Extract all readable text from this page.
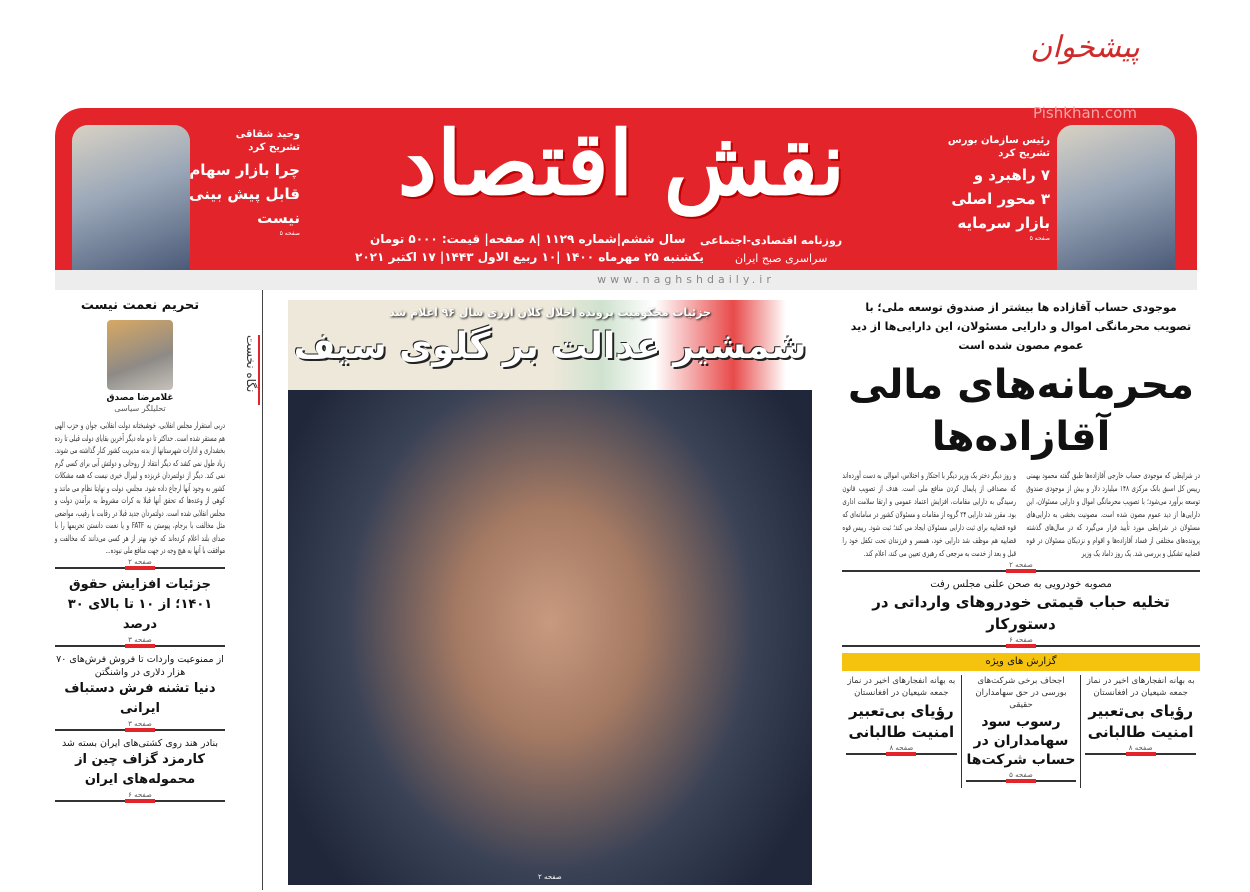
پیشخوان
Pishkhan.com
وحید شقاقی
تشریح کرد
چرا بازار سهام
قابل پیش بینی
نیست
صفحه ۵
رئیس سازمان بورس
تشریح کرد
۷ راهبرد و
۳ محور اصلی
بازار سرمایه
صفحه ۵
نقش اقتصاد
روزنامه اقتصادی-اجتماعی
سراسری صبح ایران
سال ششم|شماره ۱۱۲۹ |۸ صفحه| قیمت: ۵۰۰۰ تومان
یکشنبه ۲۵ مهرماه ۱۴۰۰ |۱۰ ربیع الاول ۱۴۴۳| ۱۷ اکتبر ۲۰۲۱
www.naghshdaily.ir
نگاه نخست
تحریم نعمت نیست
غلامرضا مصدق
تحلیلگر سیاسی
دربی استقرار مجلس انقلابی، خوشبختانه دولت انقلابی، جوان و حزب الهی هم مستقر شده است. حداکثر تا دو ماه دیگر آخرین بقایای دولت قبلی تا رده بخشداری و ادارات شهرستانها از بدنه مدیریت کشور کنار گذاشته می شوند. زیاد طول نمی کشد که دیگر انتقاد از روحانی و دولتش آبی برای کسی گرم نمی کند. دیگر از دولتمردان غربزده و لیبرال خبری نیست که همه مشکلات کشور به وجود آنها ارجاع داده شود. مجلس، دولت و نهایتا نظام می مانند و کوهی از وعده‌ها که تحقق آنها قبلا به کرات مشروط به برآمدن دولت و مجلس انقلابی شده است. دولتمردان جدید قبلا در رقابت با رقیب، مواضعی مثل مخالفت با برجام، پیوستن به FATF و یا نعمت دانستن تحریمها را با صدای بلند اعلام کرده‌اند که خود بهتر از هر کسی می‌دانند که مخالفت و موافقت با آنها به هیچ وجه در جهت منافع ملی نبوده...
صفحه ۲
جزئیات افزایش حقوق ۱۴۰۱؛ از ۱۰ تا بالای ۳۰ درصد
صفحه ۳
از ممنوعیت واردات تا فروش فرش‌های ۷۰ هزار دلاری در واشنگتن
دنیا تشنه فرش دستباف ایرانی
صفحه ۳
بنادر هند روی کشتی‌های ایران بسته شد
کارمزد گزاف چین از محموله‌های ایران
صفحه ۶
جزئیات محکومیت پرونده اخلال کلان ارزی سال ۹۶ اعلام شد
شمشیر عدالت بر گلوی سیف
صفحه ۲
موجودی حساب آقازاده ها بیشتر از صندوق توسعه ملی؛ با تصویب محرمانگی اموال و دارایی مسئولان، این دارایی‌ها از دید عموم مصون شده است
محرمانه‌های مالی
آقازاده‌ها
در شرایطی که موجودی حساب خارجی آقازاده‌ها طبق گفته محمود بهمنی رییس کل اسبق بانک مرکزی ۱۴۸ میلیارد دلار و بیش از موجودی صندوق توسعه برآورد می‌شود؛ با تصویب محرمانگی اموال و دارایی مسئولان، این دارایی‌ها از دید عموم مصون شده است. مصونیت بخشی به دارایی‌های مسئولان در شرایطی مورد تأیید قرار می‌گیرد که در سال‌های گذشته پرونده‌های مختلفی از فساد آقازاده‌ها و اقوام و نزدیکان مسئولان در قوه قضاییه تشکیل و بررسی شد. یک روز داماد یک وزیر
و روز دیگر دختر یک وزیر دیگر با احتکار و اختلاس، اموالی به دست آورده‌اند که مصداقی از پایمال کردن منافع ملی است. هدف از تصویب قانون رسیدگی به دارایی مقامات، افزایش اعتماد عمومی و ارتقا سلامت اداری بود. مقرر شد دارایی ۲۴ گروه از مقامات و مسئولان کشور در سامانه‌ای که قوه قضاییه برای ثبت دارایی مسئولان ایجاد می کند؛ ثبت شود. رییس قوه قضاییه هم موظف شد دارایی خود، همسر و فرزندان تحت تکفل خود را قبل و بعد از خدمت به مرجعی که رهبری تعیین می کند، اعلام کند.
صفحه ۲
مصوبه خودرویی به صحن علنی مجلس رفت
تخلیه حباب قیمتی خودروهای وارداتی در دستورکار
صفحه ۶
گزارش های ویژه
به بهانه انفجارهای اخیر در نماز جمعه شیعیان در افغانستان
رؤیای بی‌تعبیر امنیت طالبانی
صفحه ۸
اجحاف برخی شرکت‌های بورسی در حق سهامداران حقیقی
رسوب سود سهامداران در حساب شرکت‌ها
صفحه ۵
به بهانه انفجارهای اخیر در نماز جمعه شیعیان در افغانستان
رؤیای بی‌تعبیر امنیت طالبانی
صفحه ۸
